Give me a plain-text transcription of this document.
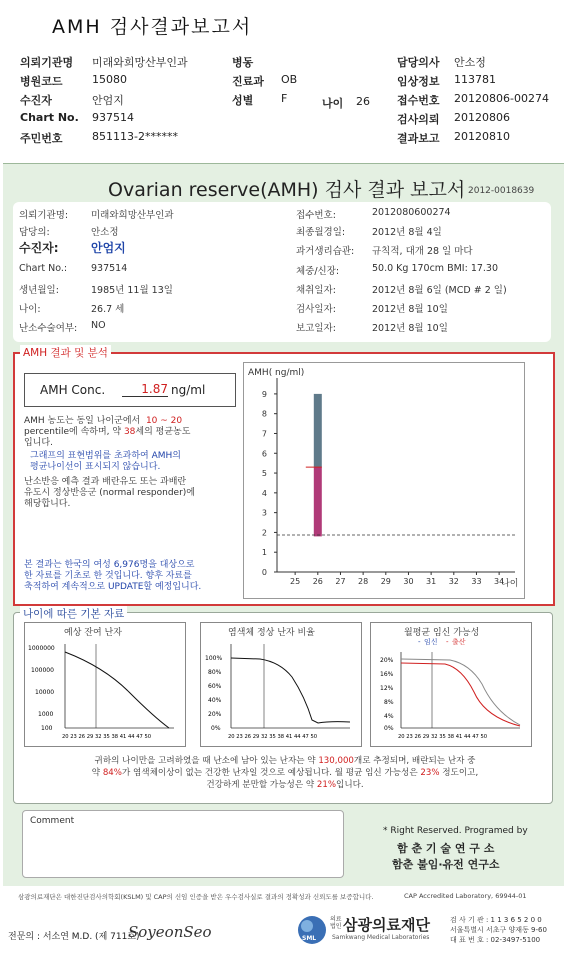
AMH 검사결과보고서
의뢰기관명 미래와희망산부인과	병동	담당의사 안소정
병원코드	15080	진료과 OB	임상정보 113781
수진자	안엄지	성별	F	접수번호 20120806-00274
Chart No. 937514	검사의뢰 20120806
주민번호	851113-2******	결과보고 20120810
나이 26
Ovarian reserve(AMH) 검사 결과 보고서 2012-0018639
의뢰기관명: 미래와희망산부인과
담당의:	안소정
수진자:	안엄지
Chart No.:	937514
생년월일:	1985년 11월 13일
나이:	26.7 세
난소수술여부: NO
접수번호:	2012080600274
최종월경일:	2012년 8월 4일
과거생리습관: 규칙적, 대개 28 일 마다
체중/신장:	50.0 Kg 170cm BMI: 17.30
채취일자:	2012년 8월 6일 (MCD # 2 일)
검사일자:	2012년 8월 10일
보고일자:	2012년 8월 10일
AMH 결과 및 분석
AMH Conc.	1.87 ng/ml
AMH 농도는 동일 나이군에서 10 ~ 20
percentile에 속하며, 약 38세의 평균농도
입니다.
그래프의 표현범위를 초과하여 AMH의
평균나이선이 표시되지 않습니다.
난소반응 예측 결과 배란유도 또는 과배란
유도시 정상반응군 (normal responder)에
해당합니다.
본 결과는 한국의 여성 6,976명을 대상으로
한 자료를 기초로 한 것입니다. 향후 자료를
축적하여 계속적으로 UPDATE할 예정입니다.
AMH( ng/ml)
나이
0
1
2
3
4
5
6
7
8
9
25 26 27 28 29 30 31 32 33 34
나이에 따른 기본 자료
예상 잔여 난자
1000000
100000
10000
1000
100
20 23 26 29 32 35 38 41 44 47 50
염색체 정상 난자 비율
100%
80%
60%
40%
20%
0%
20 23 26 29 32 35 38 41 44 47 50
월평균 임신 가능성
- 임신 - 출산
20%
16%
12%
8%
4%
0%
20 23 26 29 32 35 38 41 44 47 50
귀하의 나이만을 고려하였을 때 난소에 남아 있는 난자는 약 130,000개로 추정되며, 배란되는 난자 중
약 84%가 염색체이상이 없는 건강한 난자일 것으로 예상됩니다. 월 평균 임신 가능성은 23% 정도이고,
건강하게 분만할 가능성은 약 21%입니다.
Comment
* Right Reserved. Programed by
함 춘 기 술 연 구 소
함춘 불임·유전 연구소
삼광의료재단은 대한진단검사의학회(KSLM) 및 CAP의 신임 인증을 받은 우수검사실로 결과의 정확성과 신뢰도를 보증합니다.	CAP Accredited Laboratory, 69944-01
전문의 : 서소연 M.D. (제 711호)
SoyeonSeo	SML
의료
법인 삼광의료재단
Samkwang Medical Laboratories
검 사 기 관 : 1 1 3 6 5 2 0 0
서울특별시 서초구 양재동 9-60
대 표 번 호 : 02-3497-5100
